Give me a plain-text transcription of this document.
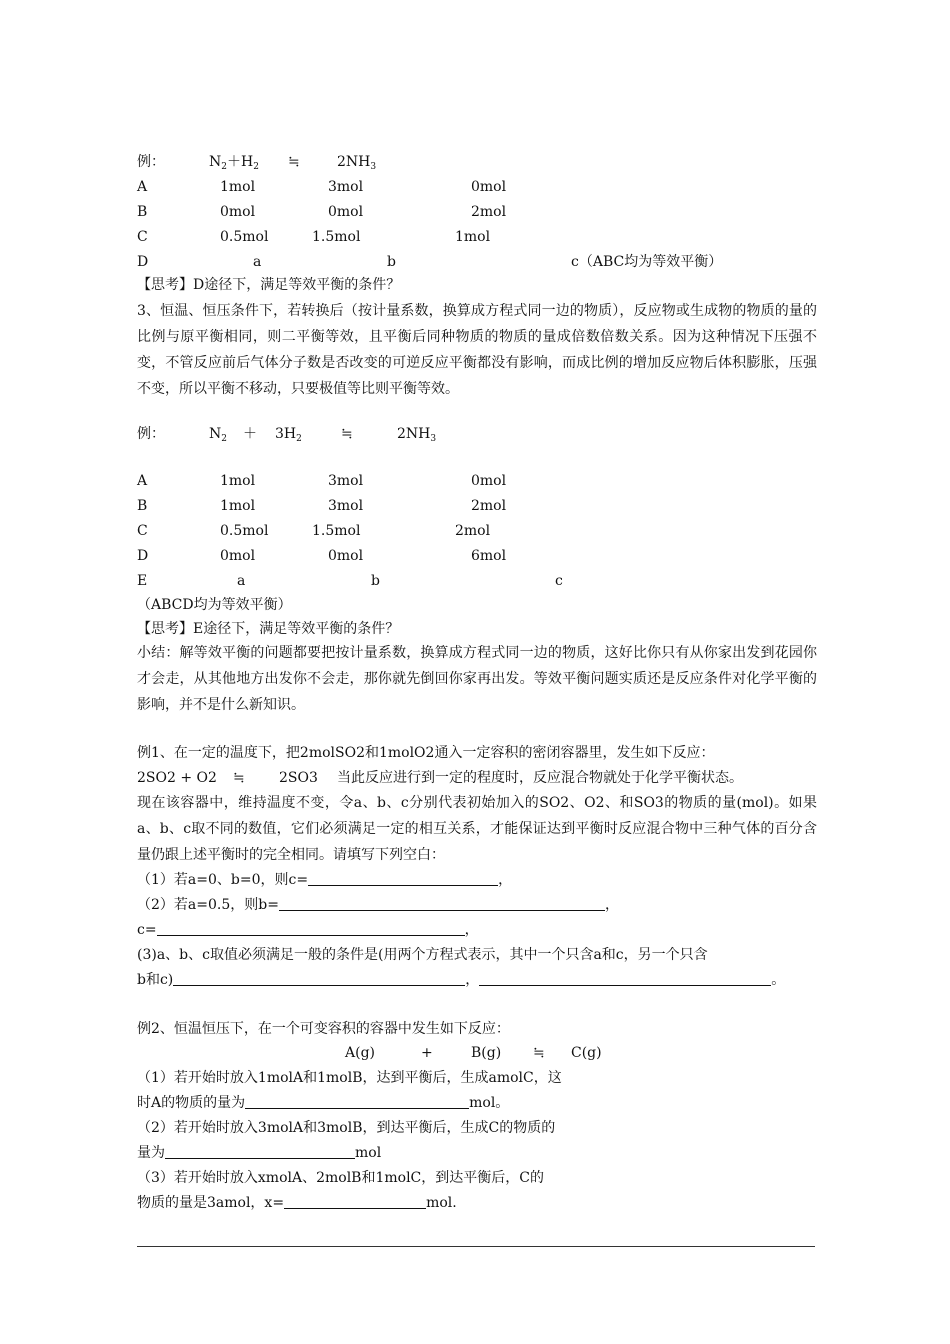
例：	$N_2+H_2$ ≒	$2NH_3$
A	1mol	3mol	0mol
B	0mol	0mol	2mol
C	0.5mol	1.5mol	1mol
D	a	b	c（ABC均为等效平衡）
【思考】D途径下，满足等效平衡的条件？
3、恒温、恒压条件下，若转换后（按计量系数，换算成方程式同一边的物质），反应物或生成物的物质的量的比例与原平衡相同，则二平衡等效，且平衡后同种物质的物质的量成倍数倍数关系。因为这种情况下压强不变，不管反应前后气体分子数是否改变的可逆反应平衡都没有影响，而成比例的增加反应物后体积膨胀，压强不变，所以平衡不移动，只要极值等比则平衡等效。
例：	$N_2 + 3H_2$	≒	$2NH_3$
A	1mol	3mol	0mol
B	1mol	3mol	2mol
C	0.5mol	1.5mol	2mol
D	0mol	0mol	6mol
E	a	b	c
（ABCD均为等效平衡）
【思考】E途径下，满足等效平衡的条件？
小结：解等效平衡的问题都要把按计量系数，换算成方程式同一边的物质，这好比你只有从你家出发到花园你才会走，从其他地方出发你不会走，那你就先倒回你家再出发。等效平衡问题实质还是反应条件对化学平衡的影响，并不是什么新知识。
例1、在一定的温度下，把2molSO2和1molO2通入一定容积的密闭容器里，发生如下反应：
2SO2 + O2 ≒ 2SO3 当此反应进行到一定的程度时，反应混合物就处于化学平衡状态。
现在该容器中，维持温度不变，令a、b、c分别代表初始加入的SO2、O2、和SO3的物质的量(mol)。如果a、b、c取不同的数值，它们必须满足一定的相互关系，才能保证达到平衡时反应混合物中三种气体的百分含量仍跟上述平衡时的完全相同。请填写下列空白：
（1）若a=0、b=0，则c=	，
（2）若a=0.5，则b=	，
c=	，
(3)a、b、c取值必须满足一般的条件是(用两个方程式表示，其中一个只含a和c，另一个只含
b和c)	，	。
例2、恒温恒压下，在一个可变容积的容器中发生如下反应：
A(g)	+	B(g) ≒ C(g)
（1）若开始时放入1molA和1molB，达到平衡后，生成amolC，这
时A的物质的量为	mol。
（2）若开始时放入3molA和3molB，到达平衡后，生成C的物质的
量为	mol
（3）若开始时放入xmolA、2molB和1molC，到达平衡后，C的
物质的量是3amol，x=	mol.
